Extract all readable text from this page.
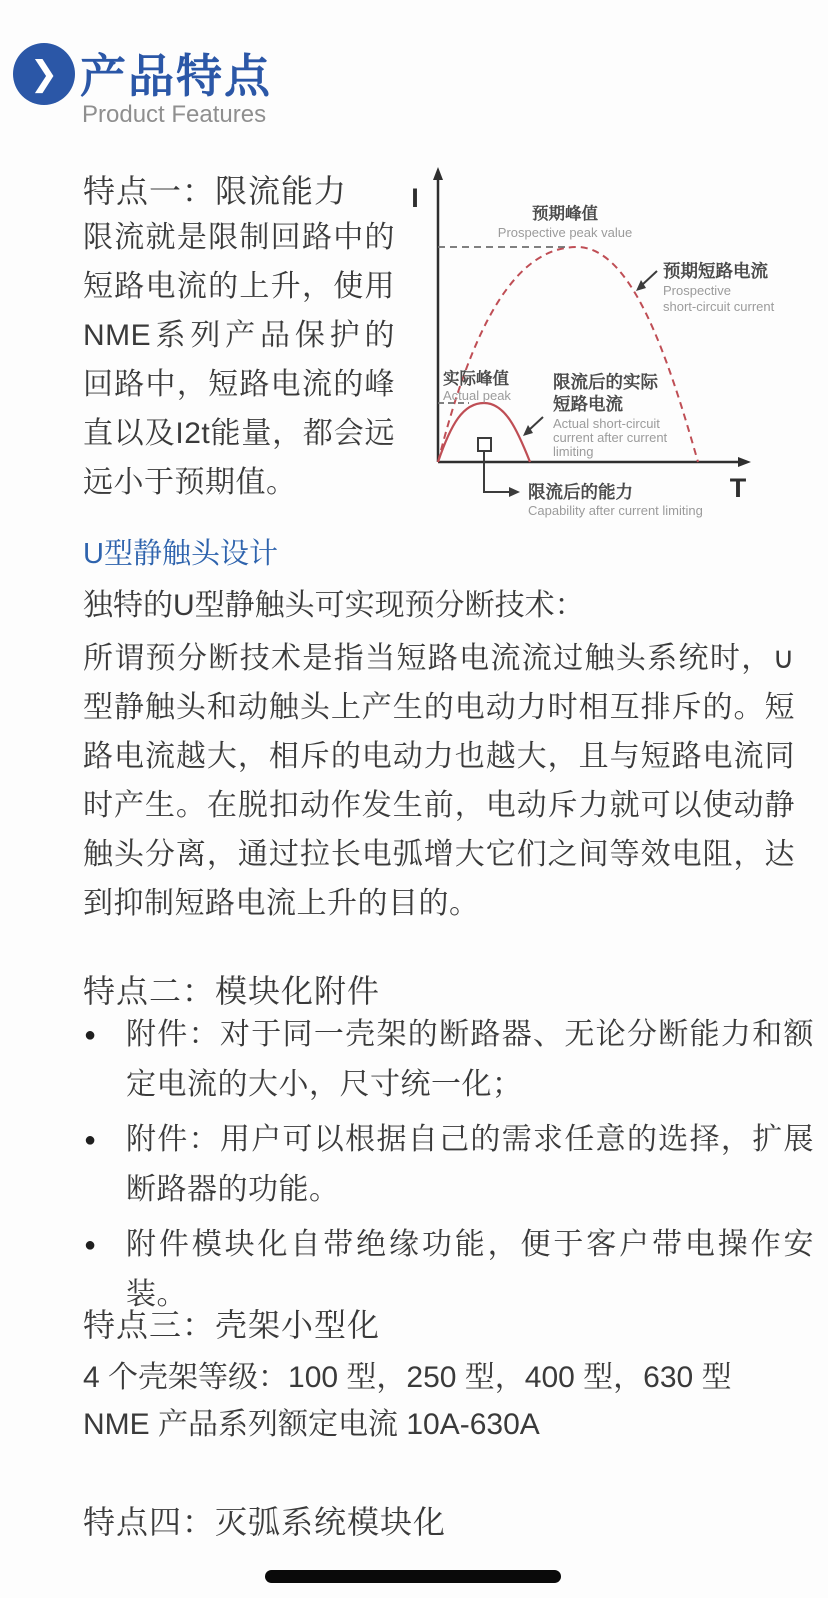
❯ 产品特点
Product Features
特点一：限流能力
限流就是限制回路中的短路电流的上升，使用NME系列产品保护的回路中，短路电流的峰直以及I2t能量，都会远远小于预期值。
I
T
预期峰值
Prospective peak value
预期短路电流
Prospective
short-circuit current
实际峰值
Actual peak
限流后的实际
短路电流
Actual short-circuit
current after current
limiting
限流后的能力
Capability after current limiting
U型静触头设计
独特的U型静触头可实现预分断技术：
所谓预分断技术是指当短路电流流过触头系统时，∪型静触头和动触头上产生的电动力时相互排斥的。短路电流越大，相斥的电动力也越大，且与短路电流同时产生。在脱扣动作发生前，电动斥力就可以使动静触头分离，通过拉长电弧增大它们之间等效电阻，达到抑制短路电流上升的目的。
特点二：模块化附件
● 附件：对于同一壳架的断路器、无论分断能力和额定电流的大小，尺寸统一化；
● 附件：用户可以根据自己的需求任意的选择，扩展断路器的功能。
● 附件模块化自带绝缘功能，便于客户带电操作安装。
特点三：壳架小型化
4 个壳架等级：100 型，250 型，400 型，630 型
NME 产品系列额定电流 10A-630A
特点四：灭弧系统模块化
